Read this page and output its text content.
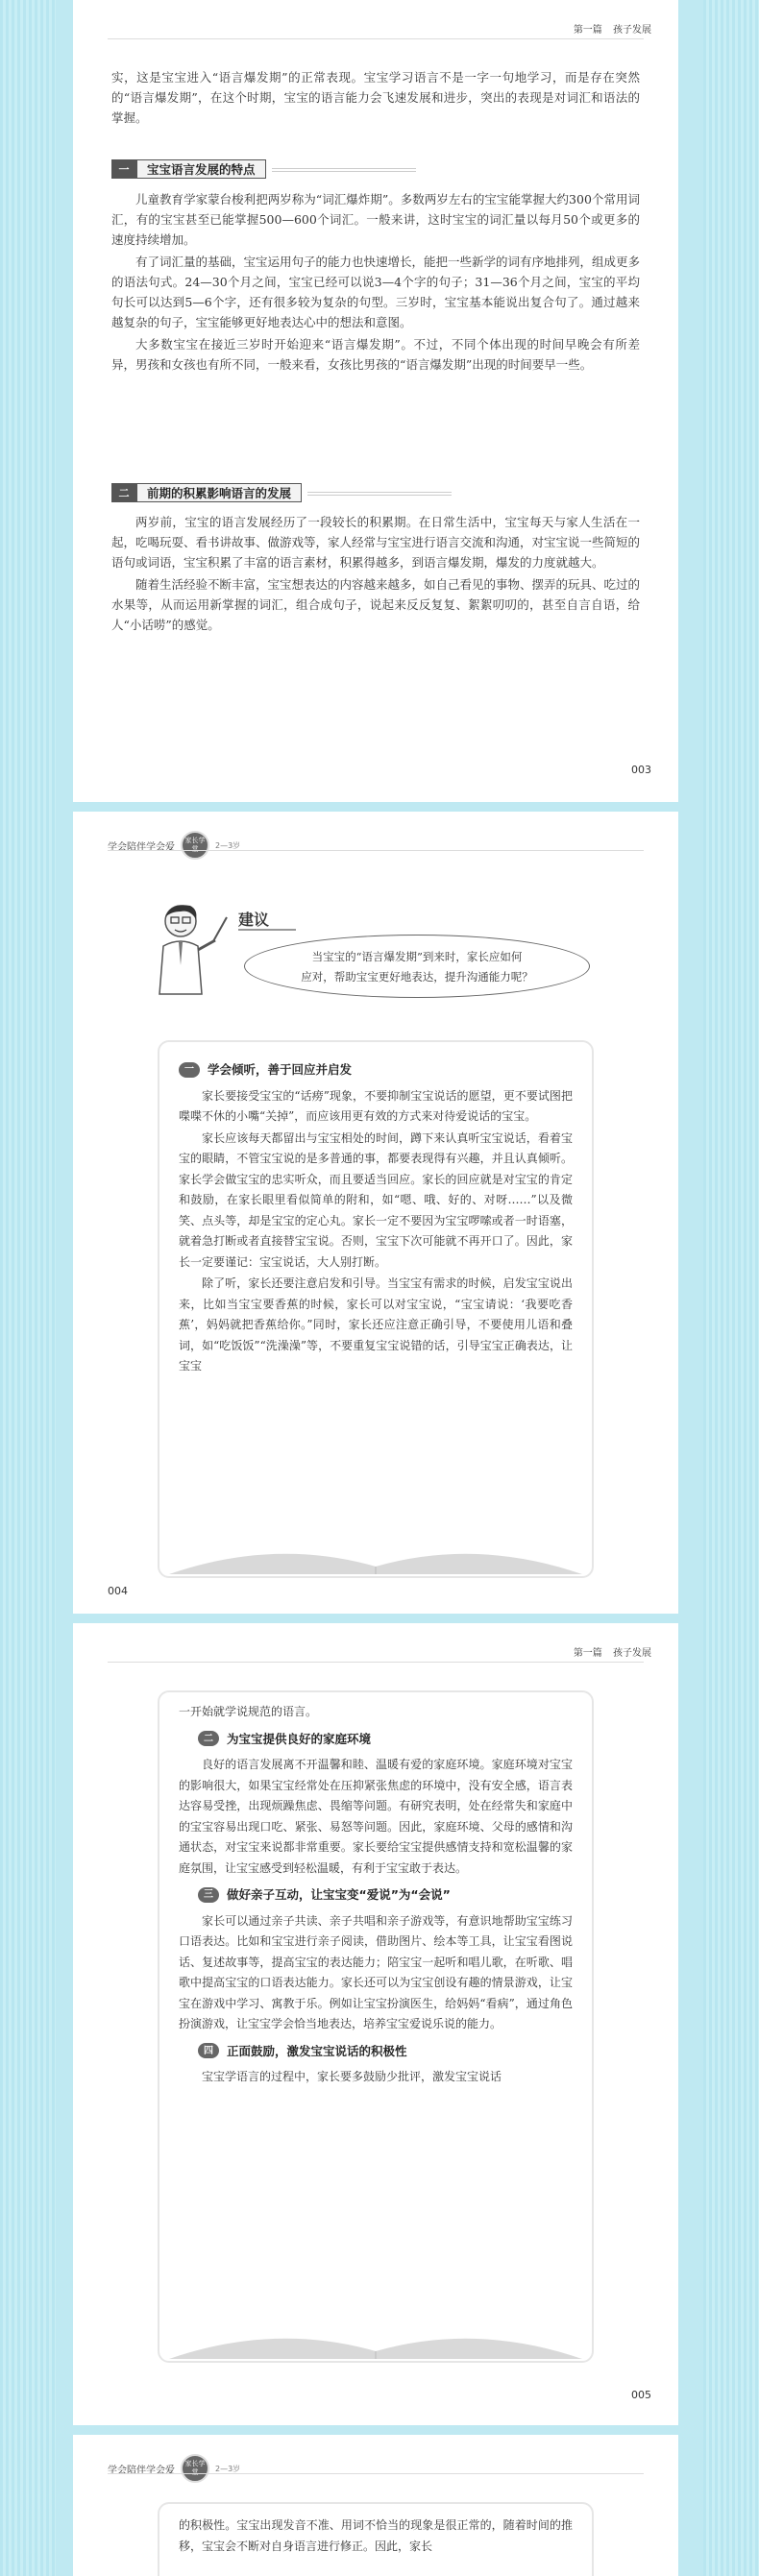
第一篇 孩子发展

实，这是宝宝进入“语言爆发期”的正常表现。宝宝学习语言不是一字一句地学习，而是存在突然的“语言爆发期”，在这个时期，宝宝的语言能力会飞速发展和进步，突出的表现是对词汇和语法的掌握。

一	宝宝语言发展的特点

儿童教育学家蒙台梭利把两岁称为“词汇爆炸期”。多数两岁左右的宝宝能掌握大约300个常用词汇，有的宝宝甚至已能掌握500—600个词汇。一般来讲，这时宝宝的词汇量以每月50个或更多的速度持续增加。

有了词汇量的基础，宝宝运用句子的能力也快速增长，能把一些新学的词有序地排列，组成更多的语法句式。24—30个月之间，宝宝已经可以说3—4个字的句子；31—36个月之间，宝宝的平均句长可以达到5—6个字，还有很多较为复杂的句型。三岁时，宝宝基本能说出复合句了。通过越来越复杂的句子，宝宝能够更好地表达心中的想法和意图。

大多数宝宝在接近三岁时开始迎来“语言爆发期”。不过，不同个体出现的时间早晚会有所差异，男孩和女孩也有所不同，一般来看，女孩比男孩的“语言爆发期”出现的时间要早一些。

二	前期的积累影响语言的发展

两岁前，宝宝的语言发展经历了一段较长的积累期。在日常生活中，宝宝每天与家人生活在一起，吃喝玩耍、看书讲故事、做游戏等，家人经常与宝宝进行语言交流和沟通，对宝宝说一些简短的语句或词语，宝宝积累了丰富的语言素材，积累得越多，到语言爆发期，爆发的力度就越大。

随着生活经验不断丰富，宝宝想表达的内容越来越多，如自己看见的事物、摆弄的玩具、吃过的水果等，从而运用新掌握的词汇，组合成句子，说起来反反复复、絮絮叨叨的，甚至自言自语，给人“小话唠”的感觉。

003
学会陪伴学会爱
家长学堂	2—3岁
建议
当宝宝的“语言爆发期”到来时，家长应如何
应对，帮助宝宝更好地表达，提升沟通能力呢？
一	学会倾听，善于回应并启发

家长要接受宝宝的“话痨”现象，不要抑制宝宝说话的愿望，更不要试图把喋喋不休的小嘴“关掉”，而应该用更有效的方式来对待爱说话的宝宝。

家长应该每天都留出与宝宝相处的时间，蹲下来认真听宝宝说话，看着宝宝的眼睛，不管宝宝说的是多普通的事，都要表现得有兴趣，并且认真倾听。家长学会做宝宝的忠实听众，而且要适当回应。家长的回应就是对宝宝的肯定和鼓励，在家长眼里看似简单的附和，如“嗯、哦、好的、对呀……”以及微笑、点头等，却是宝宝的定心丸。家长一定不要因为宝宝啰嗦或者一时语塞，就着急打断或者直接替宝宝说。否则，宝宝下次可能就不再开口了。因此，家长一定要谨记：宝宝说话，大人别打断。

除了听，家长还要注意启发和引导。当宝宝有需求的时候，启发宝宝说出来，比如当宝宝要香蕉的时候，家长可以对宝宝说，“宝宝请说：‘我要吃香蕉’，妈妈就把香蕉给你。”同时，家长还应注意正确引导，不要使用儿语和叠词，如“吃饭饭”“洗澡澡”等，不要重复宝宝说错的话，引导宝宝正确表达，让宝宝

004
第一篇 孩子发展

一开始就学说规范的语言。

二	为宝宝提供良好的家庭环境

良好的语言发展离不开温馨和睦、温暖有爱的家庭环境。家庭环境对宝宝的影响很大，如果宝宝经常处在压抑紧张焦虑的环境中，没有安全感，语言表达容易受挫，出现烦躁焦虑、畏缩等问题。有研究表明，处在经常失和家庭中的宝宝容易出现口吃、紧张、易怒等问题。因此，家庭环境、父母的感情和沟通状态，对宝宝来说都非常重要。家长要给宝宝提供感情支持和宽松温馨的家庭氛围，让宝宝感受到轻松温暖，有利于宝宝敢于表达。

三	做好亲子互动，让宝宝变“爱说”为“会说”

家长可以通过亲子共读、亲子共唱和亲子游戏等，有意识地帮助宝宝练习口语表达。比如和宝宝进行亲子阅读，借助图片、绘本等工具，让宝宝看图说话、复述故事等，提高宝宝的表达能力；陪宝宝一起听和唱儿歌，在听歌、唱歌中提高宝宝的口语表达能力。家长还可以为宝宝创设有趣的情景游戏，让宝宝在游戏中学习、寓教于乐。例如让宝宝扮演医生，给妈妈“看病”，通过角色扮演游戏，让宝宝学会恰当地表达，培养宝宝爱说乐说的能力。

四	正面鼓励，激发宝宝说话的积极性

宝宝学语言的过程中，家长要多鼓励少批评，激发宝宝说话

005
学会陪伴学会爱
家长学堂	2—3岁

的积极性。宝宝出现发音不准、用词不恰当的现象是很正常的，随着时间的推移，宝宝会不断对自身语言进行修正。因此，家长
